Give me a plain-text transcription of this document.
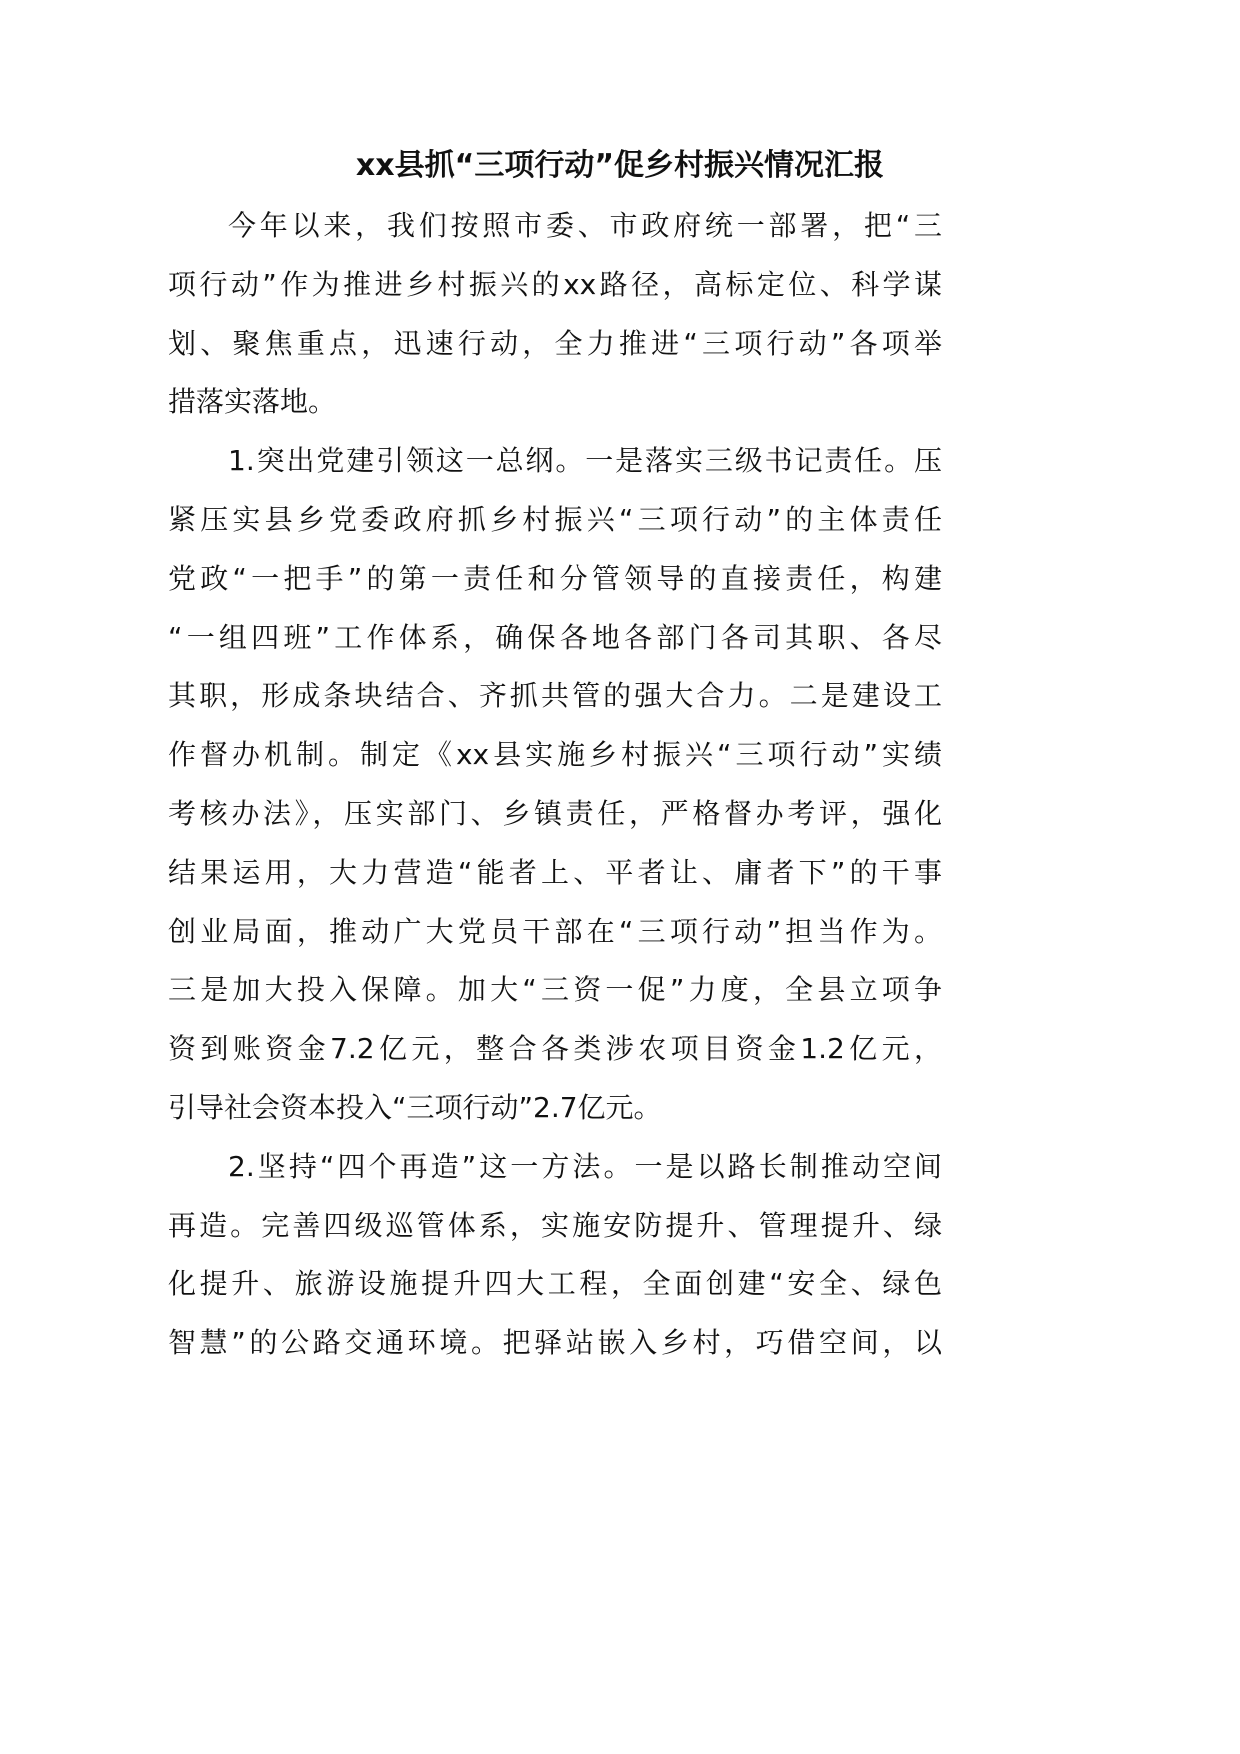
xx县抓“三项行动”促乡村振兴情况汇报
今年以来，我们按照市委、市政府统一部署，把“三
项行动”作为推进乡村振兴的xx路径，高标定位、科学谋
划、聚焦重点，迅速行动，全力推进“三项行动”各项举
措落实落地。
1.突出党建引领这一总纲。一是落实三级书记责任。压
紧压实县乡党委政府抓乡村振兴“三项行动”的主体责任
党政“一把手”的第一责任和分管领导的直接责任，构建
“一组四班”工作体系，确保各地各部门各司其职、各尽
其职，形成条块结合、齐抓共管的强大合力。二是建设工
作督办机制。制定《xx县实施乡村振兴“三项行动”实绩
考核办法》，压实部门、乡镇责任，严格督办考评，强化
结果运用，大力营造“能者上、平者让、庸者下”的干事
创业局面，推动广大党员干部在“三项行动”担当作为。
三是加大投入保障。加大“三资一促”力度，全县立项争
资到账资金7.2亿元，整合各类涉农项目资金1.2亿元，
引导社会资本投入“三项行动”2.7亿元。
2.坚持“四个再造”这一方法。一是以路长制推动空间
再造。完善四级巡管体系，实施安防提升、管理提升、绿
化提升、旅游设施提升四大工程，全面创建“安全、绿色
智慧”的公路交通环境。把驿站嵌入乡村，巧借空间，以
